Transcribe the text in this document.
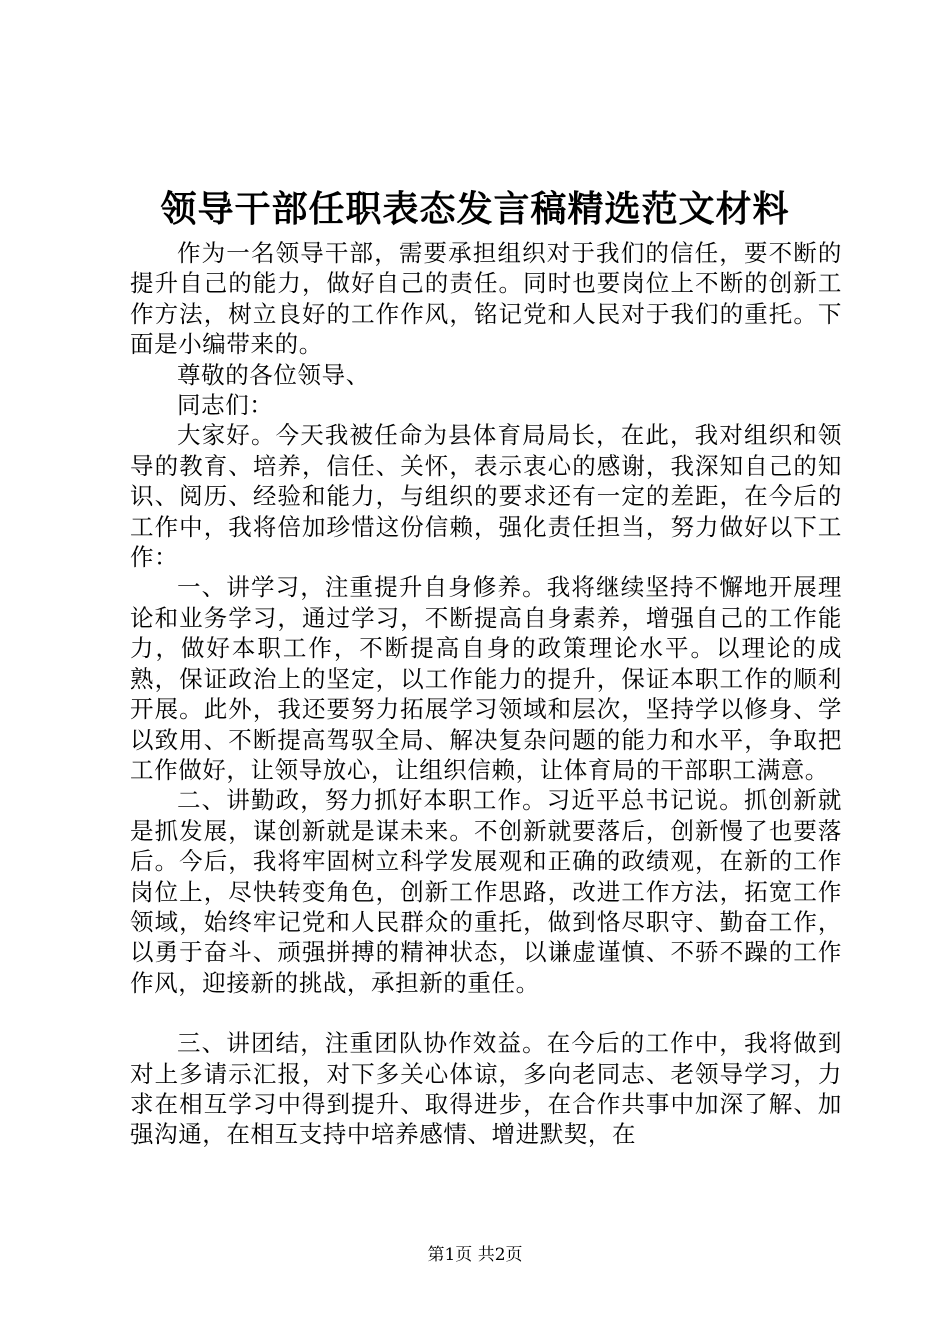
领导干部任职表态发言稿精选范文材料

作为一名领导干部，需要承担组织对于我们的信任，要不断的提升自己的能力，做好自己的责任。同时也要岗位上不断的创新工作方法，树立良好的工作作风，铭记党和人民对于我们的重托。下面是小编带来的。

尊敬的各位领导、

同志们：

大家好。今天我被任命为县体育局局长，在此，我对组织和领导的教育、培养，信任、关怀，表示衷心的感谢，我深知自己的知识、阅历、经验和能力，与组织的要求还有一定的差距，在今后的工作中，我将倍加珍惜这份信赖，强化责任担当，努力做好以下工作：

一、讲学习，注重提升自身修养。我将继续坚持不懈地开展理论和业务学习，通过学习，不断提高自身素养，增强自己的工作能力，做好本职工作，不断提高自身的政策理论水平。以理论的成熟，保证政治上的坚定，以工作能力的提升，保证本职工作的顺利开展。此外，我还要努力拓展学习领域和层次，坚持学以修身、学以致用、不断提高驾驭全局、解决复杂问题的能力和水平，争取把工作做好，让领导放心，让组织信赖，让体育局的干部职工满意。

二、讲勤政，努力抓好本职工作。习近平总书记说。抓创新就是抓发展，谋创新就是谋未来。不创新就要落后，创新慢了也要落后。今后，我将牢固树立科学发展观和正确的政绩观，在新的工作岗位上，尽快转变角色，创新工作思路，改进工作方法，拓宽工作领域，始终牢记党和人民群众的重托，做到恪尽职守、勤奋工作，以勇于奋斗、顽强拼搏的精神状态，以谦虚谨慎、不骄不躁的工作作风，迎接新的挑战，承担新的重任。

三、讲团结，注重团队协作效益。在今后的工作中，我将做到对上多请示汇报，对下多关心体谅，多向老同志、老领导学习，力求在相互学习中得到提升、取得进步，在合作共事中加深了解、加强沟通，在相互支持中培养感情、增进默契，在

第1页 共2页
